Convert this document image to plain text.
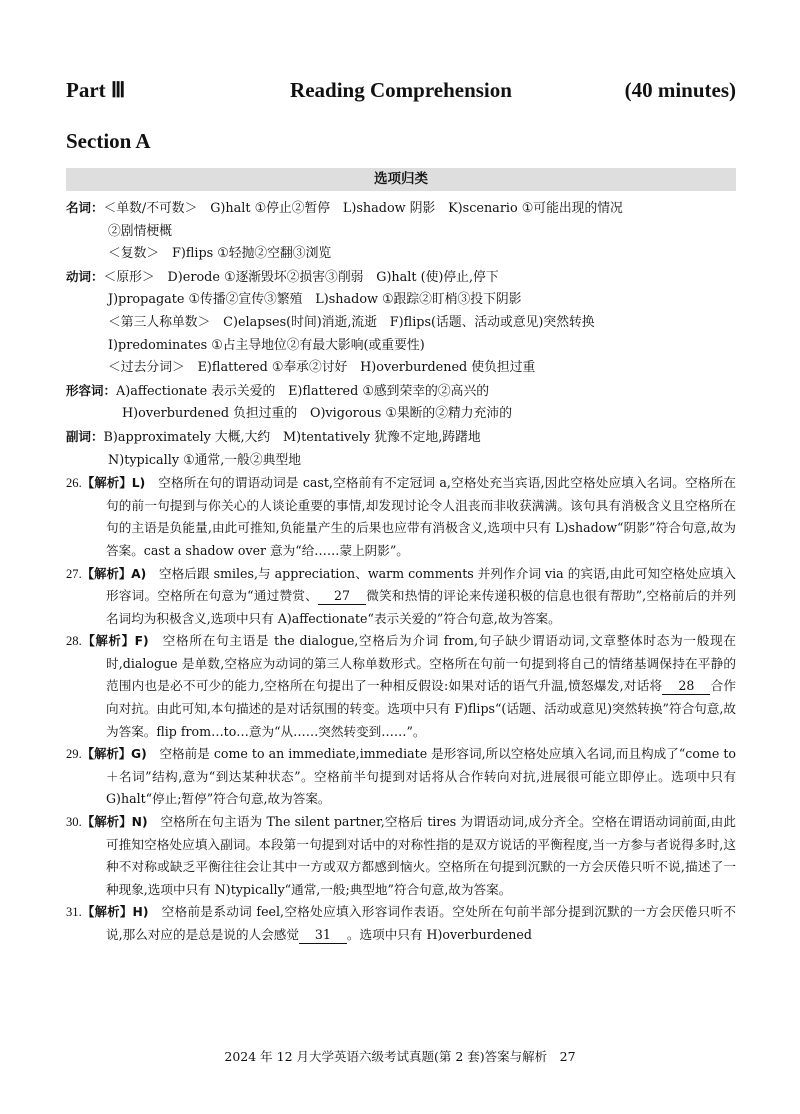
Part Ⅲ	Reading Comprehension	(40 minutes)
Section A
选项归类
名词：＜单数/不可数＞　G)halt ①停止②暂停　L)shadow 阴影　K)scenario ①可能出现的情况
②剧情梗概
＜复数＞　F)flips ①轻抛②空翻③浏览
动词：＜原形＞　D)erode ①逐渐毁坏②损害③削弱　G)halt (使)停止,停下
J)propagate ①传播②宣传③繁殖　L)shadow ①跟踪②盯梢③投下阴影
＜第三人称单数＞　C)elapses(时间)消逝,流逝　F)flips(话题、活动或意见)突然转换
I)predominates ①占主导地位②有最大影响(或重要性)
＜过去分词＞　E)flattered ①奉承②讨好　H)overburdened 使负担过重
形容词：A)affectionate 表示关爱的　E)flattered ①感到荣幸的②高兴的
H)overburdened 负担过重的　O)vigorous ①果断的②精力充沛的
副词：B)approximately 大概,大约　M)tentatively 犹豫不定地,踌躇地
N)typically ①通常,一般②典型地
26.【解析】L)　空格所在句的谓语动词是 cast,空格前有不定冠词 a,空格处充当宾语,因此空格处应填入名词。空格所在句的前一句提到与你关心的人谈论重要的事情,却发现讨论令人沮丧而非收获满满。该句具有消极含义且空格所在句的主语是负能量,由此可推知,负能量产生的后果也应带有消极含义,选项中只有 L)shadow“阴影”符合句意,故为答案。cast a shadow over 意为“给……蒙上阴影”。
27.【解析】A)　空格后跟 smiles,与 appreciation、warm comments 并列作介词 via 的宾语,由此可知空格处应填入形容词。空格所在句意为“通过赞赏、 27 微笑和热情的评论来传递积极的信息也很有帮助”,空格前后的并列名词均为积极含义,选项中只有 A)affectionate“表示关爱的”符合句意,故为答案。
28.【解析】F)　空格所在句主语是 the dialogue,空格后为介词 from,句子缺少谓语动词,文章整体时态为一般现在时,dialogue 是单数,空格应为动词的第三人称单数形式。空格所在句前一句提到将自己的情绪基调保持在平静的范围内也是必不可少的能力,空格所在句提出了一种相反假设:如果对话的语气升温,愤怒爆发,对话将 28 合作向对抗。由此可知,本句描述的是对话氛围的转变。选项中只有 F)flips“(话题、活动或意见)突然转换”符合句意,故为答案。flip from…to…意为“从……突然转变到……”。
29.【解析】G)　空格前是 come to an immediate,immediate 是形容词,所以空格处应填入名词,而且构成了“come to＋名词”结构,意为“到达某种状态”。空格前半句提到对话将从合作转向对抗,进展很可能立即停止。选项中只有 G)halt“停止;暂停”符合句意,故为答案。
30.【解析】N)　空格所在句主语为 The silent partner,空格后 tires 为谓语动词,成分齐全。空格在谓语动词前面,由此可推知空格处应填入副词。本段第一句提到对话中的对称性指的是双方说话的平衡程度,当一方参与者说得多时,这种不对称或缺乏平衡往往会让其中一方或双方都感到恼火。空格所在句提到沉默的一方会厌倦只听不说,描述了一种现象,选项中只有 N)typically“通常,一般;典型地”符合句意,故为答案。
31.【解析】H)　空格前是系动词 feel,空格处应填入形容词作表语。空处所在句前半部分提到沉默的一方会厌倦只听不说,那么对应的是总是说的人会感觉 31 。选项中只有 H)overburdened
2024 年 12 月大学英语六级考试真题(第 2 套)答案与解析　27
